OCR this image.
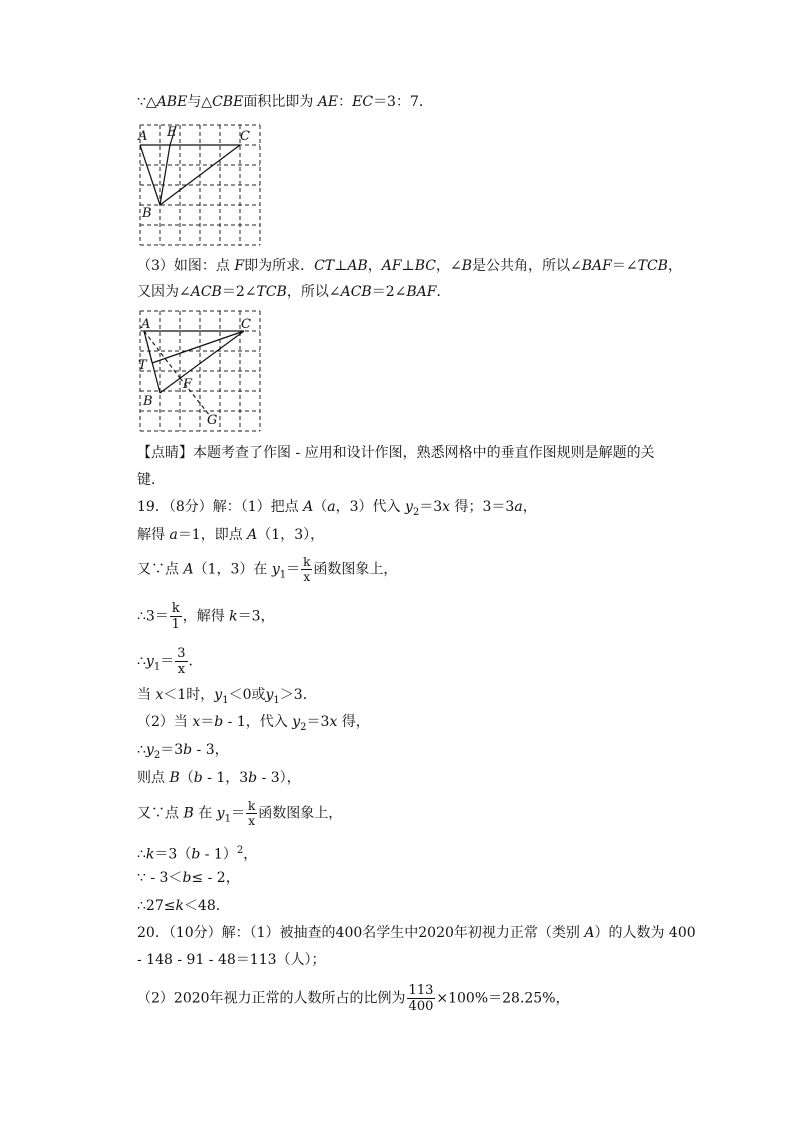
∵△ABE与△CBE面积比即为 AE：EC＝3：7．
A E	C
B
（3）如图：点 F即为所求．CT⊥AB，AF⊥BC，∠B是公共角，所以∠BAF＝∠TCB，
又因为∠ACB＝2∠TCB，所以∠ACB＝2∠BAF．
A	C
T
F
B
G
【点睛】本题考查了作图 - 应用和设计作图，熟悉网格中的垂直作图规则是解题的关
键．
19．（8分）解：（1）把点 A（a，3）代入 $y_2=3x$ 得；3＝3a，
解得 a＝1，即点 A（1，3），
又∵点 A（1，3）在 $y_1= \frac{k}{x}$ 函数图象上，
∴3＝ $\frac{k}{1}$ ，解得 k＝3，
$\therefore y_1= \frac{3}{x}$ ．
当 x＜1时，$y_1<0$或$y_1>3$．
（2）当 x＝b - 1，代入 $y_2=3x$ 得，
$\therefore y_2=3b - 3$，
则点 B（b - 1，3b - 3），
又∵点 B 在 $y_1= \frac{k}{x}$ 函数图象上，
∴k＝3（b - 1）$^2$，
∵ - 3＜b≤ - 2，
∴27≤k＜48．
20．（10分）解：（1）被抽查的400名学生中2020年初视力正常（类别 A）的人数为 400
- 148 - 91 - 48＝113（人）；
（2）2020年视力正常的人数所占的比例为 $\frac{113}{400} \times 100\%=28.25\%$，
